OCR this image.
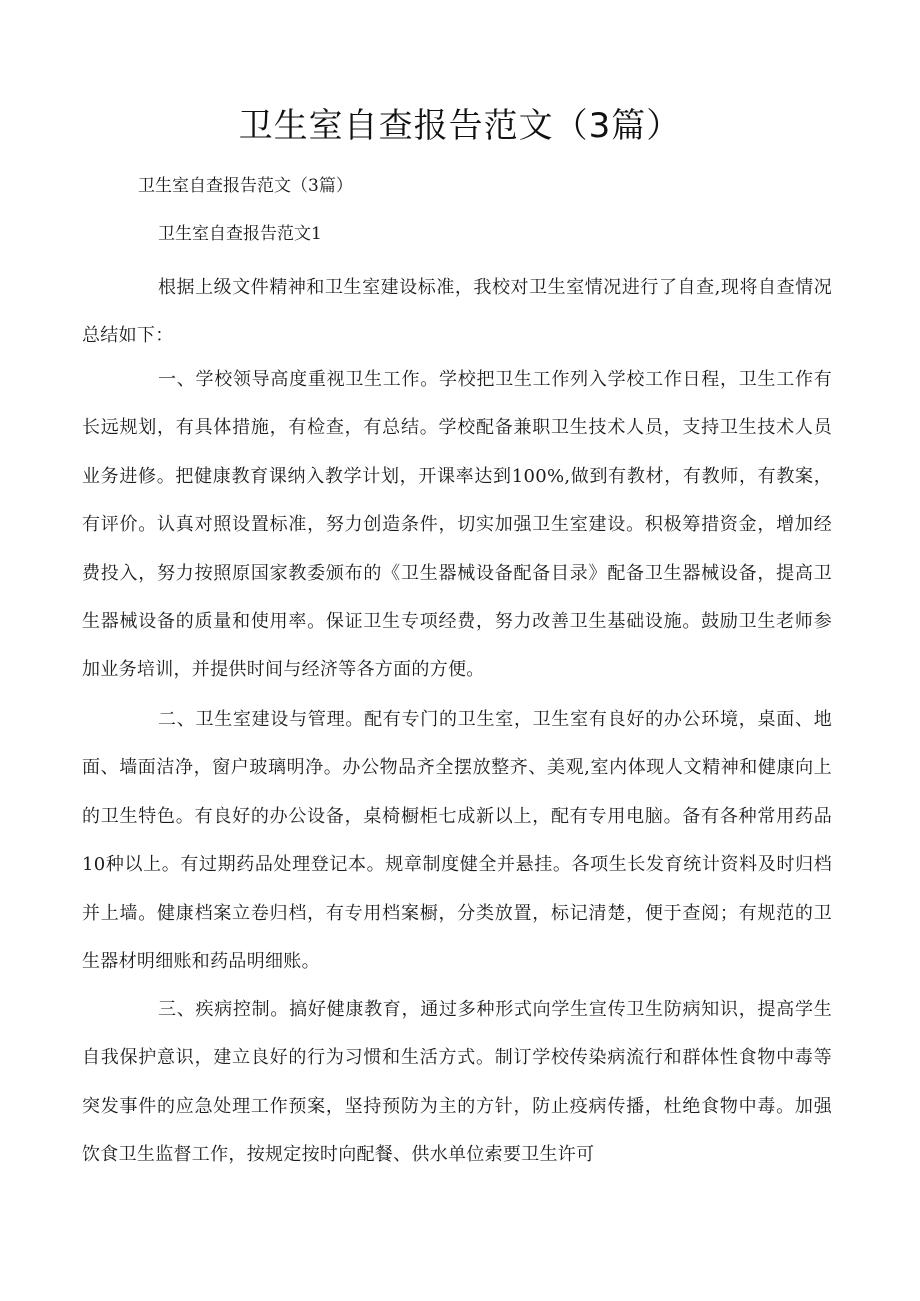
卫生室自查报告范文（3篇）

卫生室自查报告范文（3篇）

卫生室自查报告范文1

根据上级文件精神和卫生室建设标准，我校对卫生室情况进行了自查,现将自查情况总结如下：

一、学校领导高度重视卫生工作。学校把卫生工作列入学校工作日程，卫生工作有长远规划，有具体措施，有检查，有总结。学校配备兼职卫生技术人员，支持卫生技术人员业务进修。把健康教育课纳入教学计划，开课率达到100%,做到有教材，有教师，有教案，有评价。认真对照设置标准，努力创造条件，切实加强卫生室建设。积极筹措资金，增加经费投入，努力按照原国家教委颁布的《卫生器械设备配备目录》配备卫生器械设备，提高卫生器械设备的质量和使用率。保证卫生专项经费，努力改善卫生基础设施。鼓励卫生老师参加业务培训，并提供时间与经济等各方面的方便。

二、卫生室建设与管理。配有专门的卫生室，卫生室有良好的办公环境，桌面、地面、墙面洁净，窗户玻璃明净。办公物品齐全摆放整齐、美观,室内体现人文精神和健康向上的卫生特色。有良好的办公设备，桌椅橱柜七成新以上，配有专用电脑。备有各种常用药品10种以上。有过期药品处理登记本。规章制度健全并悬挂。各项生长发育统计资料及时归档并上墙。健康档案立卷归档，有专用档案橱，分类放置，标记清楚，便于查阅；有规范的卫生器材明细账和药品明细账。

三、疾病控制。搞好健康教育，通过多种形式向学生宣传卫生防病知识，提高学生自我保护意识，建立良好的行为习惯和生活方式。制订学校传染病流行和群体性食物中毒等突发事件的应急处理工作预案，坚持预防为主的方针，防止疫病传播，杜绝食物中毒。加强饮食卫生监督工作，按规定按时向配餐、供水单位索要卫生许可
